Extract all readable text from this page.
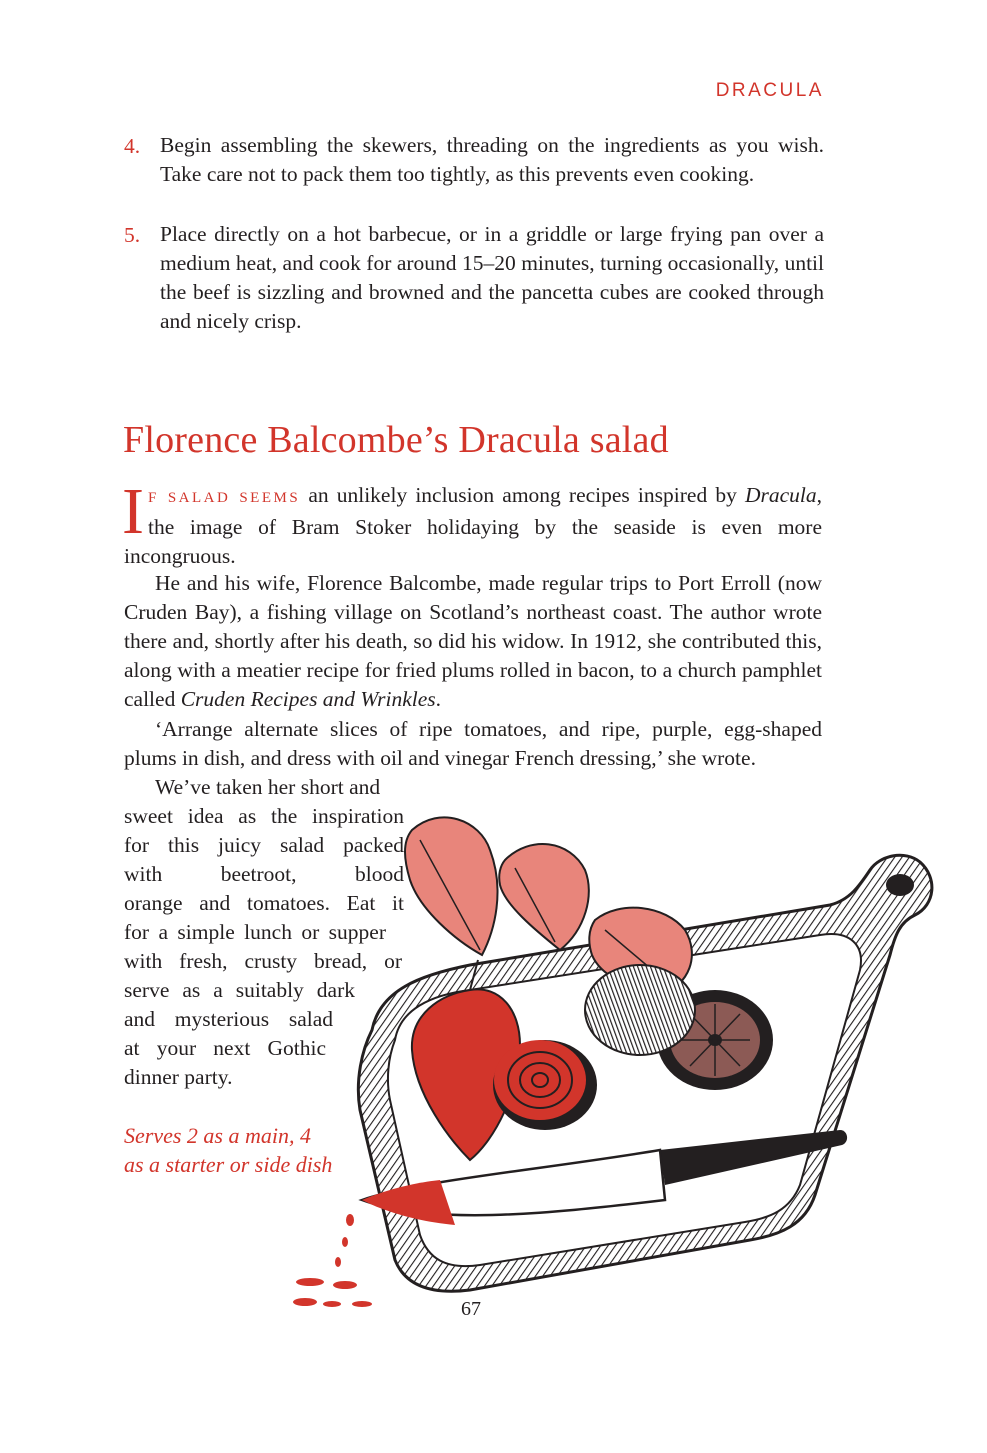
DRACULA
4. Begin assembling the skewers, threading on the ingredients as you wish. Take care not to pack them too tightly, as this prevents even cooking.
5. Place directly on a hot barbecue, or in a griddle or large frying pan over a medium heat, and cook for around 15–20 minutes, turning occasionally, until the beef is sizzling and browned and the pancetta cubes are cooked through and nicely crisp.
Florence Balcombe’s Dracula salad

I F SALAD SEEMS an unlikely inclusion among recipes inspired by Dracula, the image of Bram Stoker holidaying by the seaside is even more incongruous.

He and his wife, Florence Balcombe, made regular trips to Port Erroll (now Cruden Bay), a fishing village on Scotland’s northeast coast. The author wrote there and, shortly after his death, so did his widow. In 1912, she contributed this, along with a meatier recipe for fried plums rolled in bacon, to a church pamphlet called Cruden Recipes and Wrinkles.

‘Arrange alternate slices of ripe tomatoes, and ripe, purple, egg-shaped plums in dish, and dress with oil and vinegar French dressing,’ she wrote.

We’ve taken her short and
sweet idea as the inspiration
for this juicy salad packed
with beetroot, blood
orange and tomatoes. Eat it
for a simple lunch or supper
with fresh, crusty bread, or
serve as a suitably dark
and mysterious salad
at your next Gothic
dinner party.

Serves 2 as a main, 4 as a starter or side dish
67
